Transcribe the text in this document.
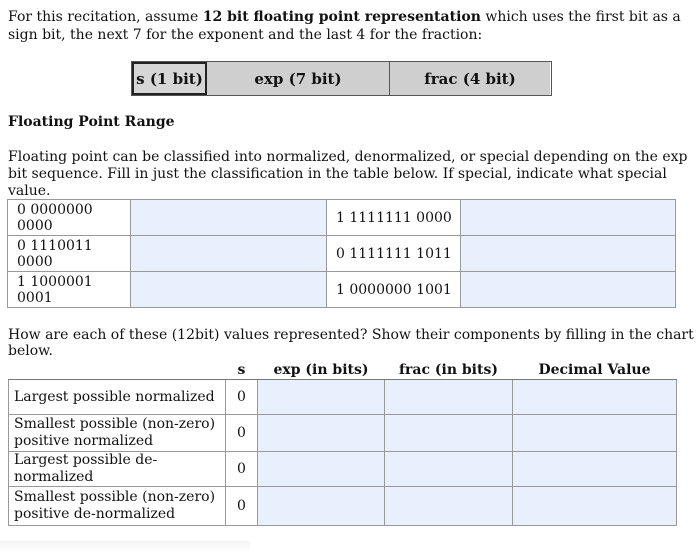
For this recitation, assume 12 bit floating point representation which uses the first bit as a sign bit, the next 7 for the exponent and the last 4 for the fraction:
s (1 bit)	exp (7 bit)	frac (4 bit)
Floating Point Range
Floating point can be classified into normalized, denormalized, or special depending on the exp bit sequence. Fill in just the classification in the table below. If special, indicate what special value.
0 0000000 0000		1 1111111 0000	
0 1110011 0000		0 1111111 1011	
1 1000001 0001		1 0000000 1001	
How are each of these (12bit) values represented? Show their components by filling in the chart below.
	s	exp (in bits)	frac (in bits)	Decimal Value
Largest possible normalized	0			
Smallest possible (non-zero) positive normalized	0			
Largest possible de-normalized	0			
Smallest possible (non-zero) positive de-normalized	0			
